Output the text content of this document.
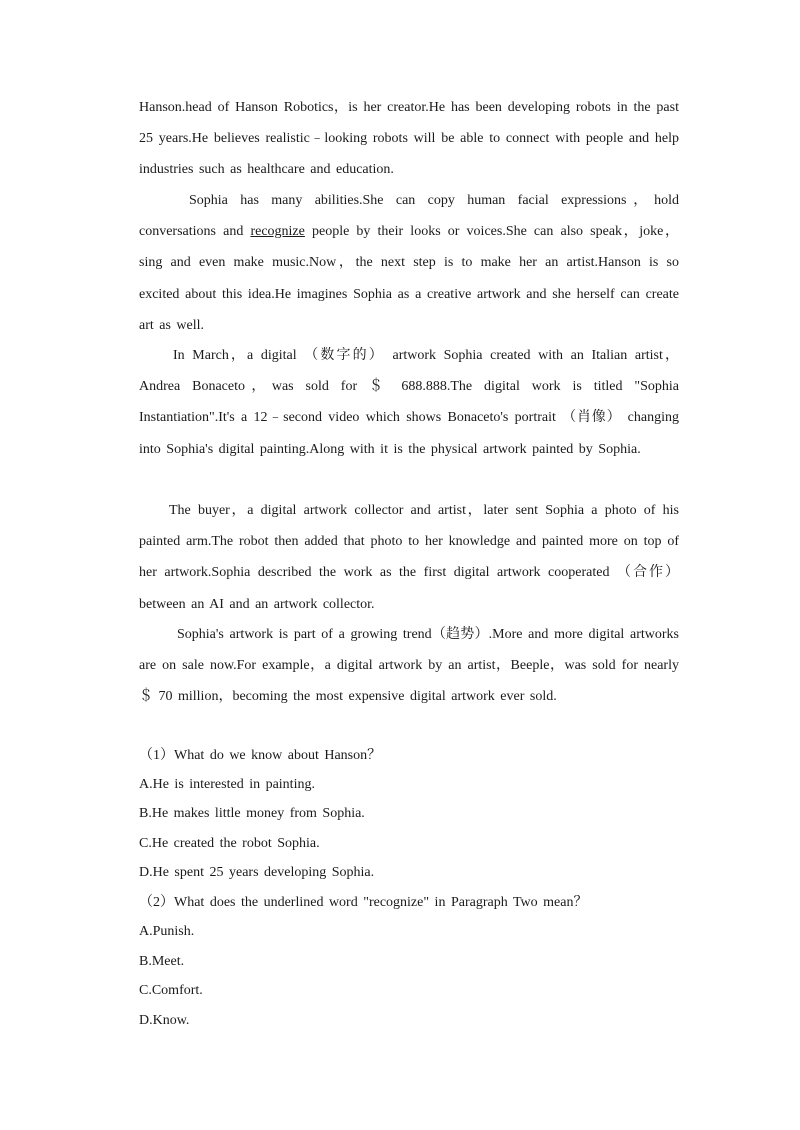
Hanson.head of Hanson Robotics，is her creator.He has been developing robots in the past 25 years.He believes realistic﹣looking robots will be able to connect with people and help industries such as healthcare and education.

Sophia has many abilities.She can copy human facial expressions，hold conversations and recognize people by their looks or voices.She can also speak，joke，sing and even make music.Now，the next step is to make her an artist.Hanson is so excited about this idea.He imagines Sophia as a creative artwork and she herself can create art as well.

In March，a digital （数字的） artwork Sophia created with an Italian artist，Andrea Bonaceto，was sold for ＄ 688.888.The digital work is titled "Sophia Instantiation".It's a 12﹣second video which shows Bonaceto's portrait （肖像） changing into Sophia's digital painting.Along with it is the physical artwork painted by Sophia.

The buyer，a digital artwork collector and artist，later sent Sophia a photo of his painted arm.The robot then added that photo to her knowledge and painted more on top of her artwork.Sophia described the work as the first digital artwork cooperated （合作） between an AI and an artwork collector.

Sophia's artwork is part of a growing trend（趋势）.More and more digital artworks are on sale now.For example，a digital artwork by an artist，Beeple，was sold for nearly ＄ 70 million，becoming the most expensive digital artwork ever sold.

（1）What do we know about Hanson？

A.He is interested in painting.

B.He makes little money from Sophia.

C.He created the robot Sophia.

D.He spent 25 years developing Sophia.

（2）What does the underlined word "recognize" in Paragraph Two mean？

A.Punish.

B.Meet.

C.Comfort.

D.Know.
